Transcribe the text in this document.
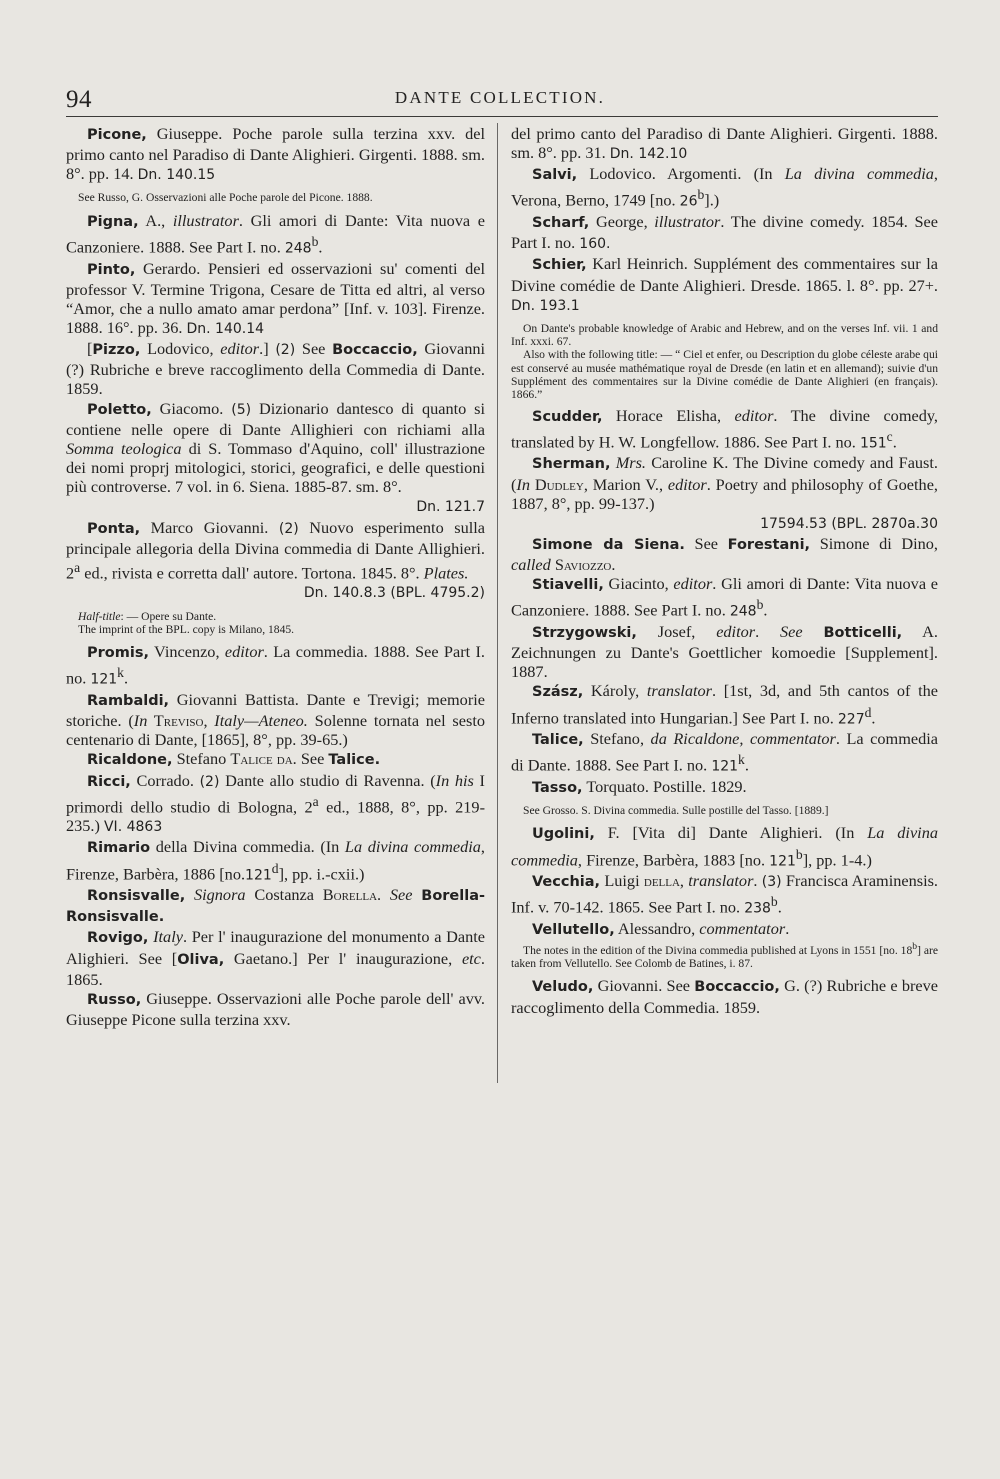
94	DANTE COLLECTION.

Picone, Giuseppe. Poche parole sulla terzina xxv. del primo canto nel Paradiso di Dante Alighieri. Girgenti. 1888. sm. 8°. pp. 14. Dn. 140.15

See Russo, G. Osservazioni alle Poche parole del Picone. 1888.

Pigna, A., illustrator. Gli amori di Dante: Vita nuova e Canzoniere. 1888. See Part I. no. 248$^b$.

Pinto, Gerardo. Pensieri ed osservazioni su' comenti del professor V. Termine Trigona, Cesare de Titta ed altri, al verso “Amor, che a nullo amato amar perdona” [Inf. v. 103]. Firenze. 1888. 16°. pp. 36. Dn. 140.14

[Pizzo, Lodovico, editor.] (2) See Boccaccio, Giovanni (?) Rubriche e breve raccoglimento della Commedia di Dante. 1859.

Poletto, Giacomo. (5) Dizionario dantesco di quanto si contiene nelle opere di Dante Allighieri con richiami alla Somma teologica di S. Tommaso d'Aquino, coll' illustrazione dei nomi proprj mitologici, storici, geografici, e delle questioni più controverse. 7 vol. in 6. Siena. 1885-87. sm. 8°.

Dn. 121.7

Ponta, Marco Giovanni. (2) Nuovo esperimento sulla principale allegoria della Divina commedia di Dante Allighieri. 2$^a$ ed., rivista e corretta dall' autore. Tortona. 1845. 8°. Plates.

Dn. 140.8.3 (BPL. 4795.2)

Half-title: — Opere su Dante.

The imprint of the BPL. copy is Milano, 1845.

Promis, Vincenzo, editor. La commedia. 1888. See Part I. no. 121$^k$.

Rambaldi, Giovanni Battista. Dante e Trevigi; memorie storiche. (In Treviso, Italy—Ateneo. Solenne tornata nel sesto centenario di Dante, [1865], 8°, pp. 39-65.)

Ricaldone, Stefano Talice da. See Talice.

Ricci, Corrado. (2) Dante allo studio di Ravenna. (In his I primordi dello studio di Bologna, 2$^a$ ed., 1888, 8°, pp. 219-235.) VI. 4863

Rimario della Divina commedia. (In La divina commedia, Firenze, Barbèra, 1886 [no.121$^d$], pp. i.-cxii.)

Ronsisvalle, Signora Costanza Borella. See Borella-Ronsisvalle.

Rovigo, Italy. Per l' inaugurazione del monumento a Dante Alighieri. See [Oliva, Gaetano.] Per l' inaugurazione, etc. 1865.

Russo, Giuseppe. Osservazioni alle Poche parole dell' avv. Giuseppe Picone sulla terzina xxv.

del primo canto del Paradiso di Dante Alighieri. Girgenti. 1888. sm. 8°. pp. 31. Dn. 142.10

Salvi, Lodovico. Argomenti. (In La divina commedia, Verona, Berno, 1749 [no. 26$^b$].)

Scharf, George, illustrator. The divine comedy. 1854. See Part I. no. 160.

Schier, Karl Heinrich. Supplément des commentaires sur la Divine comédie de Dante Alighieri. Dresde. 1865. l. 8°. pp. 27+. Dn. 193.1

On Dante's probable knowledge of Arabic and Hebrew, and on the verses Inf. vii. 1 and Inf. xxxi. 67.

Also with the following title: — “ Ciel et enfer, ou Description du globe céleste arabe qui est conservé au musée mathématique royal de Dresde (en latin et en allemand); suivie d'un Supplément des commentaires sur la Divine comédie de Dante Alighieri (en français). 1866.”

Scudder, Horace Elisha, editor. The divine comedy, translated by H. W. Longfellow. 1886. See Part I. no. 151$^c$.

Sherman, Mrs. Caroline K. The Divine comedy and Faust. (In Dudley, Marion V., editor. Poetry and philosophy of Goethe, 1887, 8°, pp. 99-137.)

17594.53 (BPL. 2870a.30

Simone da Siena. See Forestani, Simone di Dino, called Saviozzo.

Stiavelli, Giacinto, editor. Gli amori di Dante: Vita nuova e Canzoniere. 1888. See Part I. no. 248$^b$.

Strzygowski, Josef, editor. See Botticelli, A. Zeichnungen zu Dante's Goettlicher komoedie [Supplement]. 1887.

Szász, Károly, translator. [1st, 3d, and 5th cantos of the Inferno translated into Hungarian.] See Part I. no. 227$^d$.

Talice, Stefano, da Ricaldone, commentator. La commedia di Dante. 1888. See Part I. no. 121$^k$.

Tasso, Torquato. Postille. 1829.

See Grosso. S. Divina commedia. Sulle postille del Tasso. [1889.]

Ugolini, F. [Vita di] Dante Alighieri. (In La divina commedia, Firenze, Barbèra, 1883 [no. 121$^b$], pp. 1-4.)

Vecchia, Luigi della, translator. (3) Francisca Araminensis. Inf. v. 70-142. 1865. See Part I. no. 238$^b$.

Vellutello, Alessandro, commentator.

The notes in the edition of the Divina commedia published at Lyons in 1551 [no. 18$^b$] are taken from Vellutello. See Colomb de Batines, i. 87.

Veludo, Giovanni. See Boccaccio, G. (?) Rubriche e breve raccoglimento della Commedia. 1859.
